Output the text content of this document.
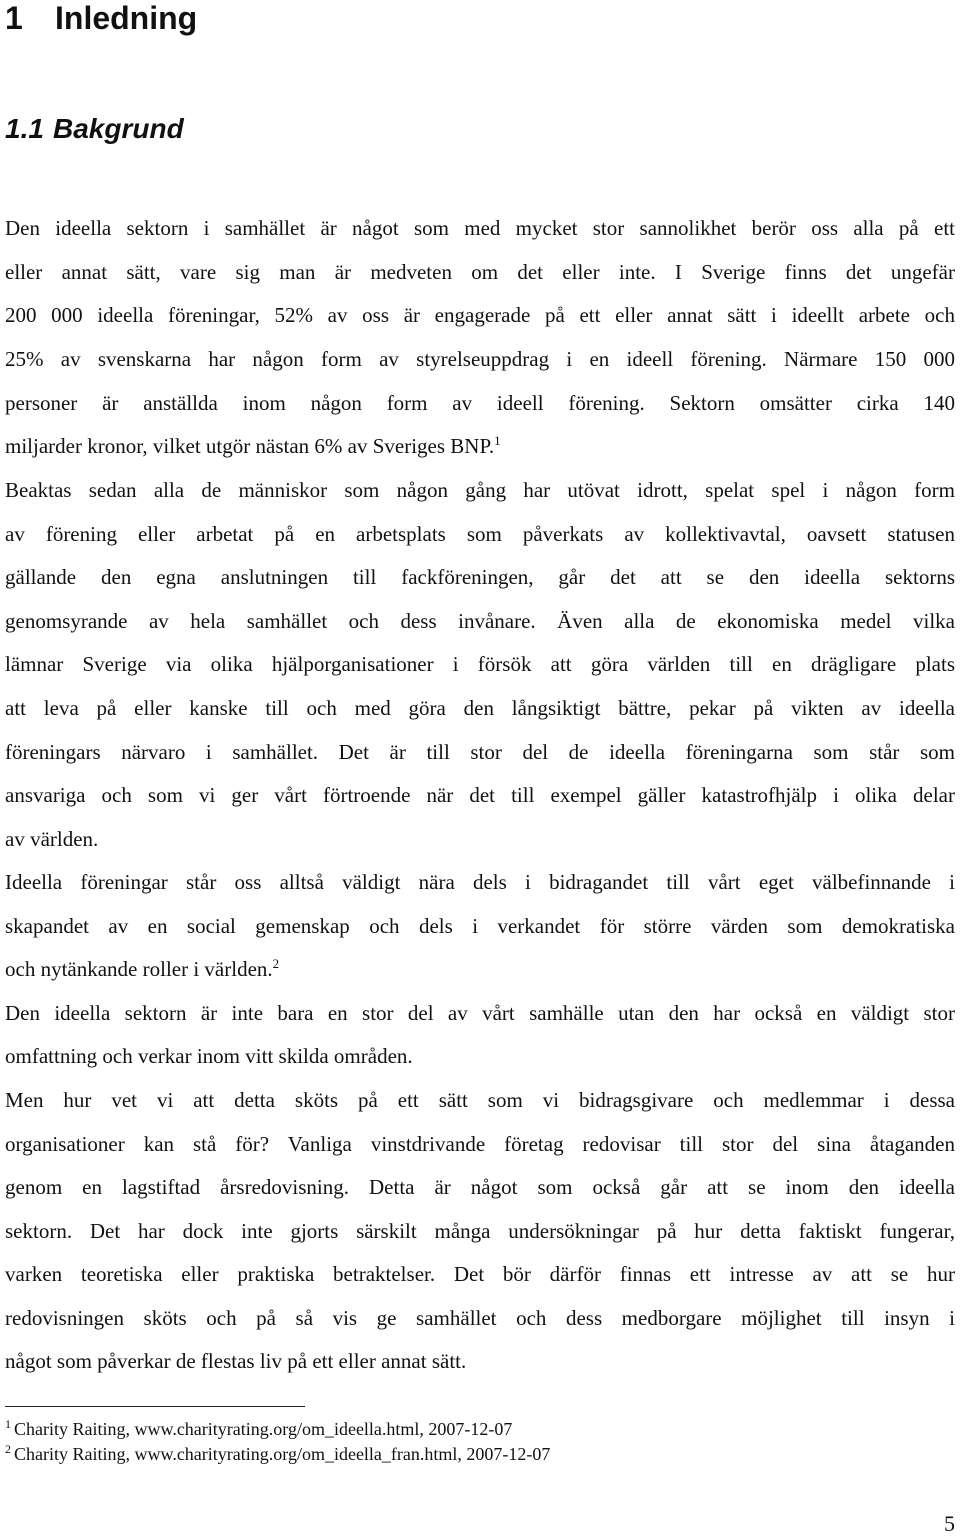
1 Inledning
1.1 Bakgrund
Den ideella sektorn i samhället är något som med mycket stor sannolikhet berör oss alla på ett
eller annat sätt, vare sig man är medveten om det eller inte. I Sverige finns det ungefär
200 000 ideella föreningar, 52% av oss är engagerade på ett eller annat sätt i ideellt arbete och
25% av svenskarna har någon form av styrelseuppdrag i en ideell förening. Närmare 150 000
personer är anställda inom någon form av ideell förening. Sektorn omsätter cirka 140
miljarder kronor, vilket utgör nästan 6% av Sveriges BNP.$^1$
Beaktas sedan alla de människor som någon gång har utövat idrott, spelat spel i någon form
av förening eller arbetat på en arbetsplats som påverkats av kollektivavtal, oavsett statusen
gällande den egna anslutningen till fackföreningen, går det att se den ideella sektorns
genomsyrande av hela samhället och dess invånare. Även alla de ekonomiska medel vilka
lämnar Sverige via olika hjälporganisationer i försök att göra världen till en drägligare plats
att leva på eller kanske till och med göra den långsiktigt bättre, pekar på vikten av ideella
föreningars närvaro i samhället. Det är till stor del de ideella föreningarna som står som
ansvariga och som vi ger vårt förtroende när det till exempel gäller katastrofhjälp i olika delar
av världen.
Ideella föreningar står oss alltså väldigt nära dels i bidragandet till vårt eget välbefinnande i
skapandet av en social gemenskap och dels i verkandet för större värden som demokratiska
och nytänkande roller i världen.$^2$
Den ideella sektorn är inte bara en stor del av vårt samhälle utan den har också en väldigt stor
omfattning och verkar inom vitt skilda områden.
Men hur vet vi att detta sköts på ett sätt som vi bidragsgivare och medlemmar i dessa
organisationer kan stå för? Vanliga vinstdrivande företag redovisar till stor del sina åtaganden
genom en lagstiftad årsredovisning. Detta är något som också går att se inom den ideella
sektorn. Det har dock inte gjorts särskilt många undersökningar på hur detta faktiskt fungerar,
varken teoretiska eller praktiska betraktelser. Det bör därför finnas ett intresse av att se hur
redovisningen sköts och på så vis ge samhället och dess medborgare möjlighet till insyn i
något som påverkar de flestas liv på ett eller annat sätt.
$^1$ Charity Raiting, www.charityrating.org/om_ideella.html, 2007-12-07
$^2$ Charity Raiting, www.charityrating.org/om_ideella_fran.html, 2007-12-07
5
